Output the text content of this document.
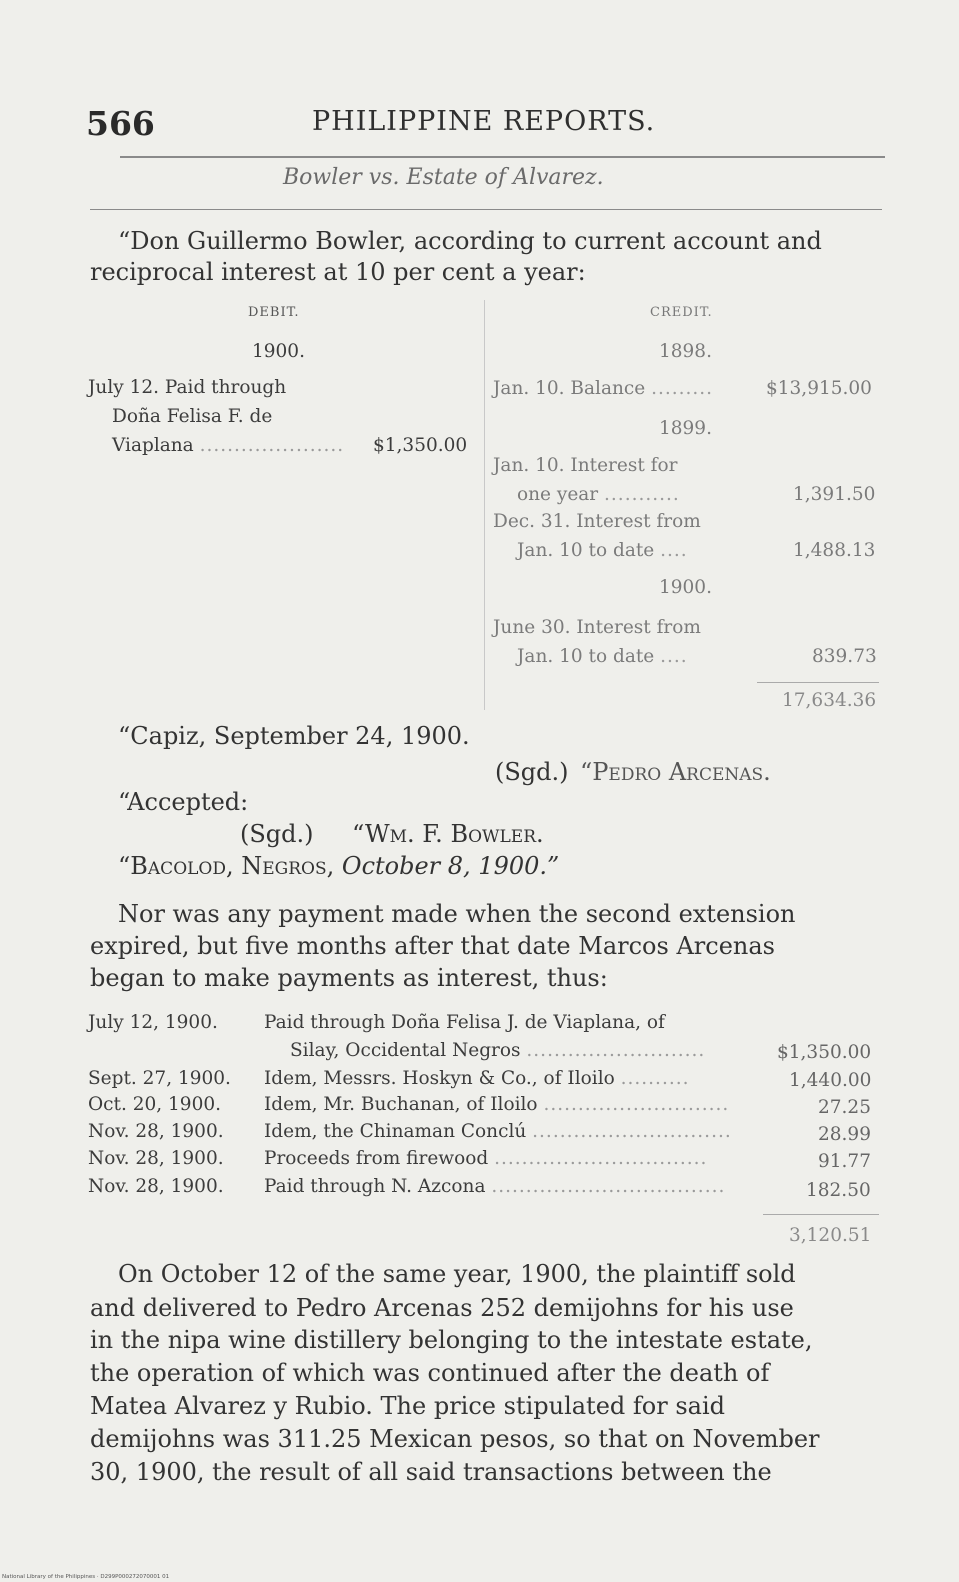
566	PHILIPPINE REPORTS.
Bowler vs. Estate of Alvarez.
“Don Guillermo Bowler, according to current account and
reciprocal interest at 10 per cent a year:
DEBIT.
1900.
July 12. Paid through
Doña Felisa F. de
Viaplana ..................... $1,350.00
CREDIT.
1898.
Jan. 10. Balance .........	$13,915.00
1899.
Jan. 10. Interest for
one year ...........	1,391.50
Dec. 31. Interest from
Jan. 10 to date ....	1,488.13
1900.
June 30. Interest from
Jan. 10 to date ....	839.73
17,634.36
“Capiz, September 24, 1900.
(Sgd.) “Pedro Arcenas.
“Accepted:
(Sgd.) “Wm. F. Bowler.
“Bacolod, Negros, October 8, 1900.”
Nor was any payment made when the second extension
expired, but five months after that date Marcos Arcenas
began to make payments as interest, thus:
July 12, 1900. Paid through Doña Felisa J. de Viaplana, of
Silay, Occidental Negros ..........................	$1,350.00
Sept. 27, 1900. Idem, Messrs. Hoskyn & Co., of Iloilo ..........	1,440.00
Oct. 20, 1900. Idem, Mr. Buchanan, of Iloilo ...........................	27.25
Nov. 28, 1900. Idem, the Chinaman Conclú .............................	28.99
Nov. 28, 1900. Proceeds from firewood ...............................	91.77
Nov. 28, 1900. Paid through N. Azcona ..................................	182.50
3,120.51
On October 12 of the same year, 1900, the plaintiff sold
and delivered to Pedro Arcenas 252 demijohns for his use
in the nipa wine distillery belonging to the intestate estate,
the operation of which was continued after the death of
Matea Alvarez y Rubio. The price stipulated for said
demijohns was 311.25 Mexican pesos, so that on November
30, 1900, the result of all said transactions between the
National Library of the Philippines · D299P000272070001 01
